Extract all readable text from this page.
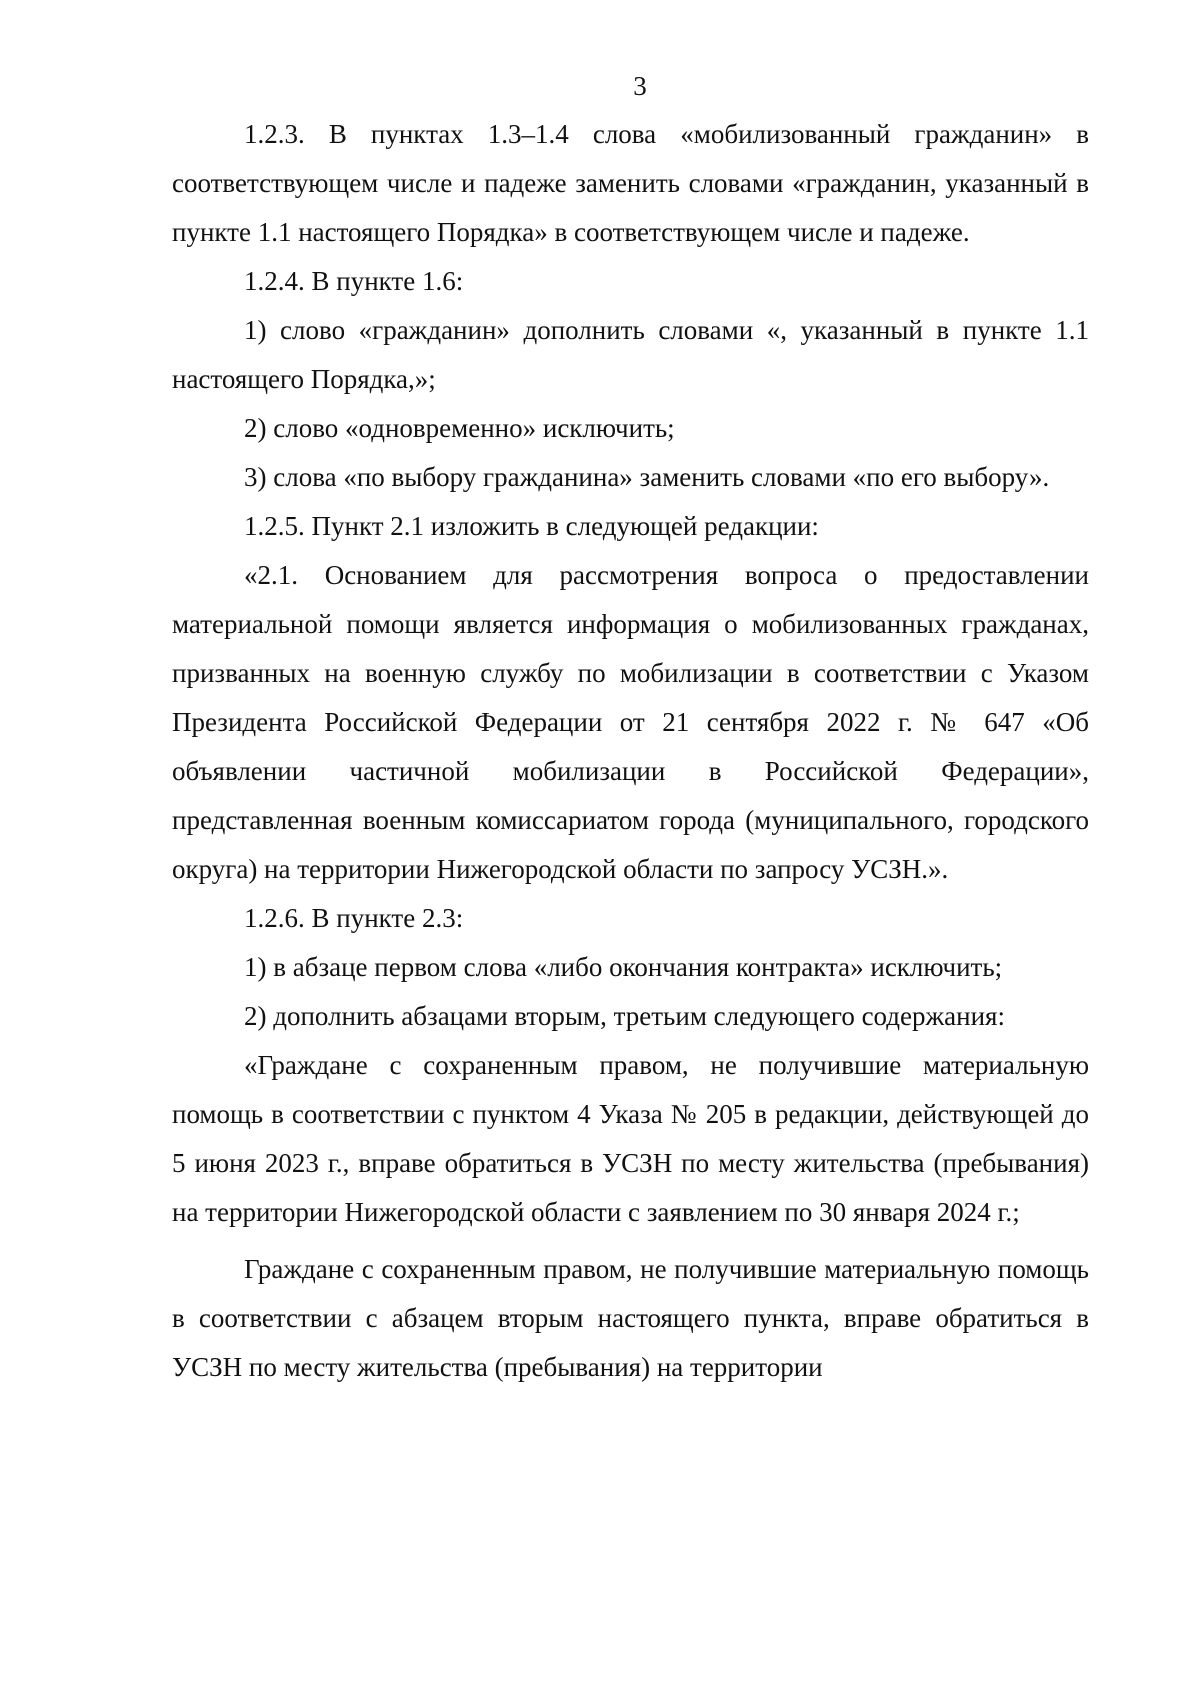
3

1.2.3. В пунктах 1.3–1.4 слова «мобилизованный гражданин» в соответствующем числе и падеже заменить словами «гражданин, указанный в пункте 1.1 настоящего Порядка» в соответствующем числе и падеже.

1.2.4. В пункте 1.6:

1) слово «гражданин» дополнить словами «, указанный в пункте 1.1 настоящего Порядка,»;

2) слово «одновременно» исключить;

3) слова «по выбору гражданина» заменить словами «по его выбору».

1.2.5. Пункт 2.1 изложить в следующей редакции:

«2.1. Основанием для рассмотрения вопроса о предоставлении материальной помощи является информация о мобилизованных гражданах, призванных на военную службу по мобилизации в соответствии с Указом Президента Российской Федерации от 21 сентября 2022 г. № 647 «Об объявлении частичной мобилизации в Российской Федерации», представленная военным комиссариатом города (муниципального, городского округа) на территории Нижегородской области по запросу УСЗН.».

1.2.6. В пункте 2.3:

1) в абзаце первом слова «либо окончания контракта» исключить;

2) дополнить абзацами вторым, третьим следующего содержания:

«Граждане с сохраненным правом, не получившие материальную помощь в соответствии с пунктом 4 Указа № 205 в редакции, действующей до 5 июня 2023 г., вправе обратиться в УСЗН по месту жительства (пребывания) на территории Нижегородской области с заявлением по 30 января 2024 г.;

Граждане с сохраненным правом, не получившие материальную помощь в соответствии с абзацем вторым настоящего пункта, вправе обратиться в УСЗН по месту жительства (пребывания) на территории
